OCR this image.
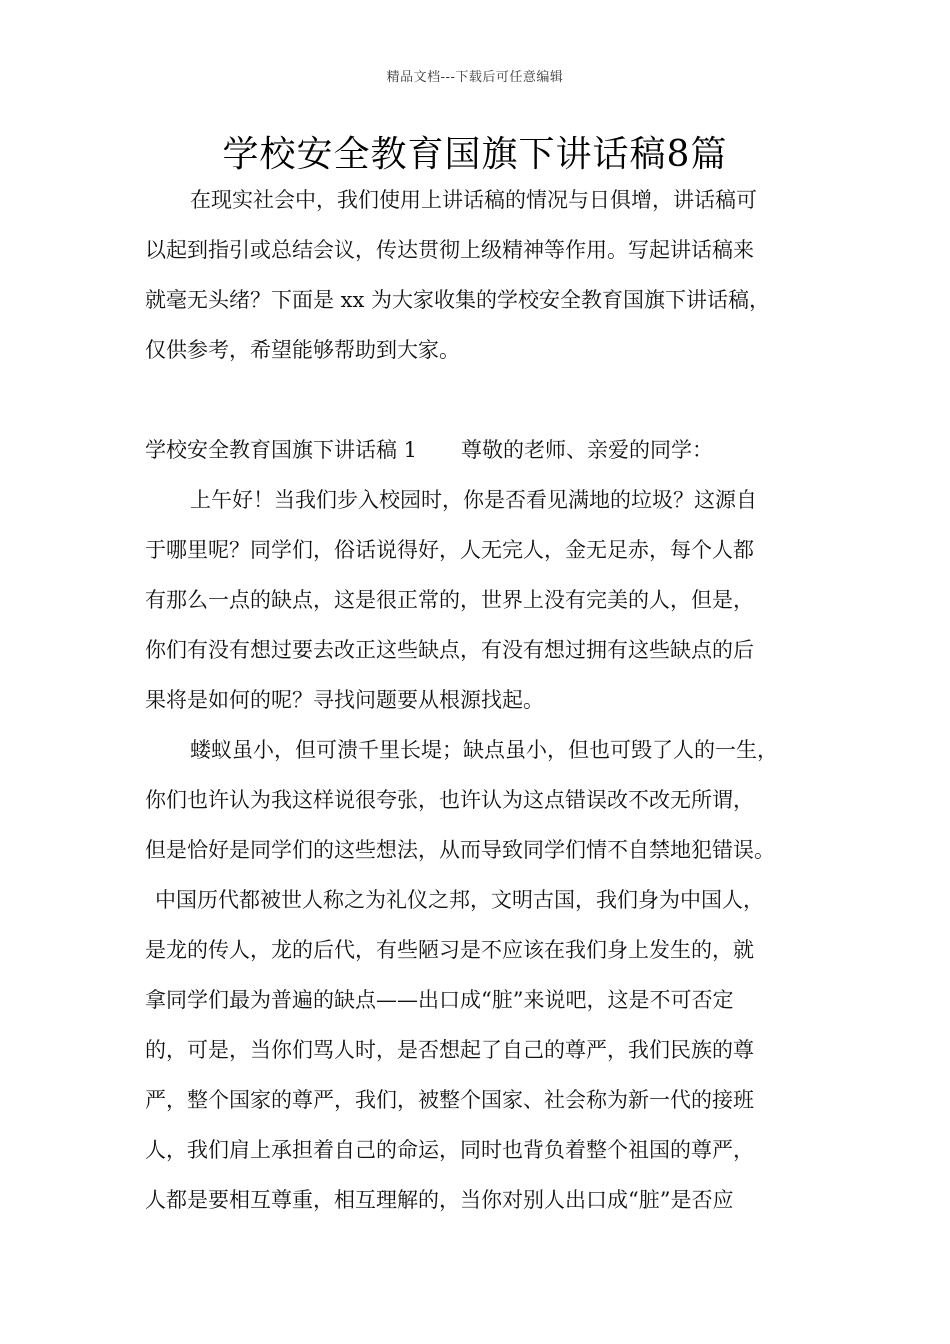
精品文档---下载后可任意编辑
学校安全教育国旗下讲话稿8篇
在现实社会中，我们使用上讲话稿的情况与日俱增，讲话稿可
以起到指引或总结会议，传达贯彻上级精神等作用。写起讲话稿来
就毫无头绪？下面是 xx 为大家收集的学校安全教育国旗下讲话稿，
仅供参考，希望能够帮助到大家。
学校安全教育国旗下讲话稿 1 尊敬的老师、亲爱的同学：
上午好！当我们步入校园时，你是否看见满地的垃圾？这源自
于哪里呢？同学们，俗话说得好，人无完人，金无足赤，每个人都
有那么一点的缺点，这是很正常的，世界上没有完美的人，但是，
你们有没有想过要去改正这些缺点，有没有想过拥有这些缺点的后
果将是如何的呢？寻找问题要从根源找起。
蝼蚁虽小，但可溃千里长堤；缺点虽小，但也可毁了人的一生，
你们也许认为我这样说很夸张，也许认为这点错误改不改无所谓，
但是恰好是同学们的这些想法，从而导致同学们情不自禁地犯错误。
中国历代都被世人称之为礼仪之邦，文明古国，我们身为中国人，
是龙的传人，龙的后代，有些陋习是不应该在我们身上发生的，就
拿同学们最为普遍的缺点——出口成“脏”来说吧，这是不可否定
的，可是，当你们骂人时，是否想起了自己的尊严，我们民族的尊
严，整个国家的尊严，我们，被整个国家、社会称为新一代的接班
人，我们肩上承担着自己的命运，同时也背负着整个祖国的尊严，
人都是要相互尊重，相互理解的，当你对别人出口成“脏”是否应
